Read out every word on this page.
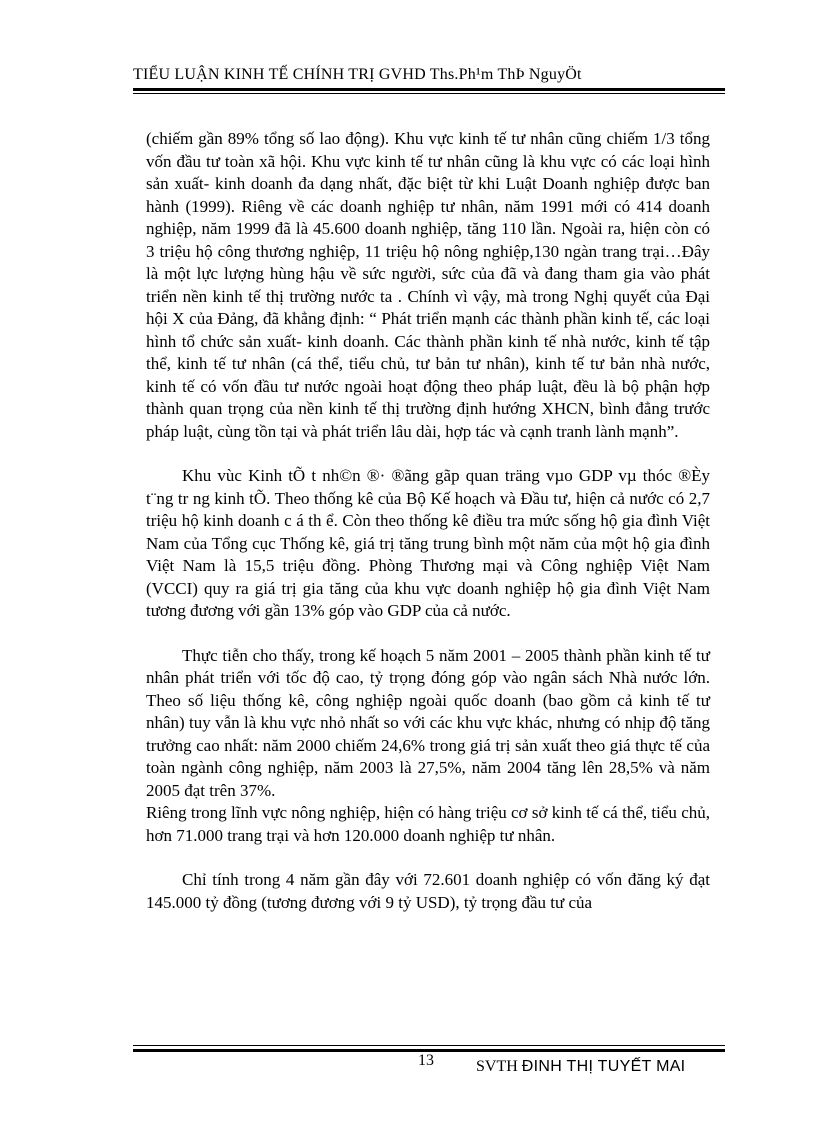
TIỂU LUẬN KINH TẾ CHÍNH TRỊ GVHD Ths.Ph¹m ThÞ NguyÖt

(chiếm gần 89% tổng số lao động). Khu vực kinh tế tư nhân cũng chiếm 1/3 tổng vốn đầu tư toàn xã hội. Khu vực kinh tế tư nhân cũng là khu vực có các loại hình sản xuất- kinh doanh đa dạng nhất, đặc biệt từ khi Luật Doanh nghiệp được ban hành (1999). Riêng về các doanh nghiệp tư nhân, năm 1991 mới có 414 doanh nghiệp, năm 1999 đã là 45.600 doanh nghiệp, tăng 110 lần. Ngoài ra, hiện còn có 3 triệu hộ công thương nghiệp, 11 triệu hộ nông nghiệp,130 ngàn trang trại…Đây là một lực lượng hùng hậu về sức người, sức của đã và đang tham gia vào phát triển nền kinh tế thị trường nước ta . Chính vì vậy, mà trong Nghị quyết của Đại hội X của Đảng, đã khẳng định: “ Phát triển mạnh các thành phần kinh tế, các loại hình tổ chức sản xuất- kinh doanh. Các thành phần kinh tế nhà nước, kinh tế tập thể, kinh tế tư nhân (cá thể, tiểu chủ, tư bản tư nhân), kinh tế tư bản nhà nước, kinh tế có vốn đầu tư nước ngoài hoạt động theo pháp luật, đều là bộ phận hợp thành quan trọng của nền kinh tế thị trường định hướng XHCN, bình đẳng trước pháp luật, cùng tồn tại và phát triển lâu dài, hợp tác và cạnh tranh lành mạnh”.

Khu vùc Kinh tÕ t nh©n ®· ®ãng gãp quan träng vµo GDP vµ thóc ®Èy t¨ng tr ng kinh tÕ. Theo thống kê của Bộ Kế hoạch và Đầu tư, hiện cả nước có 2,7 triệu hộ kinh doanh c á th ể. Còn theo thống kê điều tra mức sống hộ gia đình Việt Nam của Tổng cục Thống kê, giá trị tăng trung bình một năm của một hộ gia đình Việt Nam là 15,5 triệu đồng. Phòng Thương mại và Công nghiệp Việt Nam (VCCI) quy ra giá trị gia tăng của khu vực doanh nghiệp hộ gia đình Việt Nam tương đương với gần 13% góp vào GDP của cả nước.

Thực tiễn cho thấy, trong kế hoạch 5 năm 2001 – 2005 thành phần kinh tế tư nhân phát triển với tốc độ cao, tỷ trọng đóng góp vào ngân sách Nhà nước lớn. Theo số liệu thống kê, công nghiệp ngoài quốc doanh (bao gồm cả kinh tế tư nhân) tuy vẫn là khu vực nhỏ nhất so với các khu vực khác, nhưng có nhịp độ tăng trưởng cao nhất: năm 2000 chiếm 24,6% trong giá trị sản xuất theo giá thực tế của toàn ngành công nghiệp, năm 2003 là 27,5%, năm 2004 tăng lên 28,5% và năm 2005 đạt trên 37%.

Riêng trong lĩnh vực nông nghiệp, hiện có hàng triệu cơ sở kinh tế cá thể, tiểu chủ, hơn 71.000 trang trại và hơn 120.000 doanh nghiệp tư nhân.

Chỉ tính trong 4 năm gần đây với 72.601 doanh nghiệp có vốn đăng ký đạt 145.000 tỷ đồng (tương đương với 9 tỷ USD), tỷ trọng đầu tư của

13	SVTH ĐINH THỊ TUYẾT MAI
